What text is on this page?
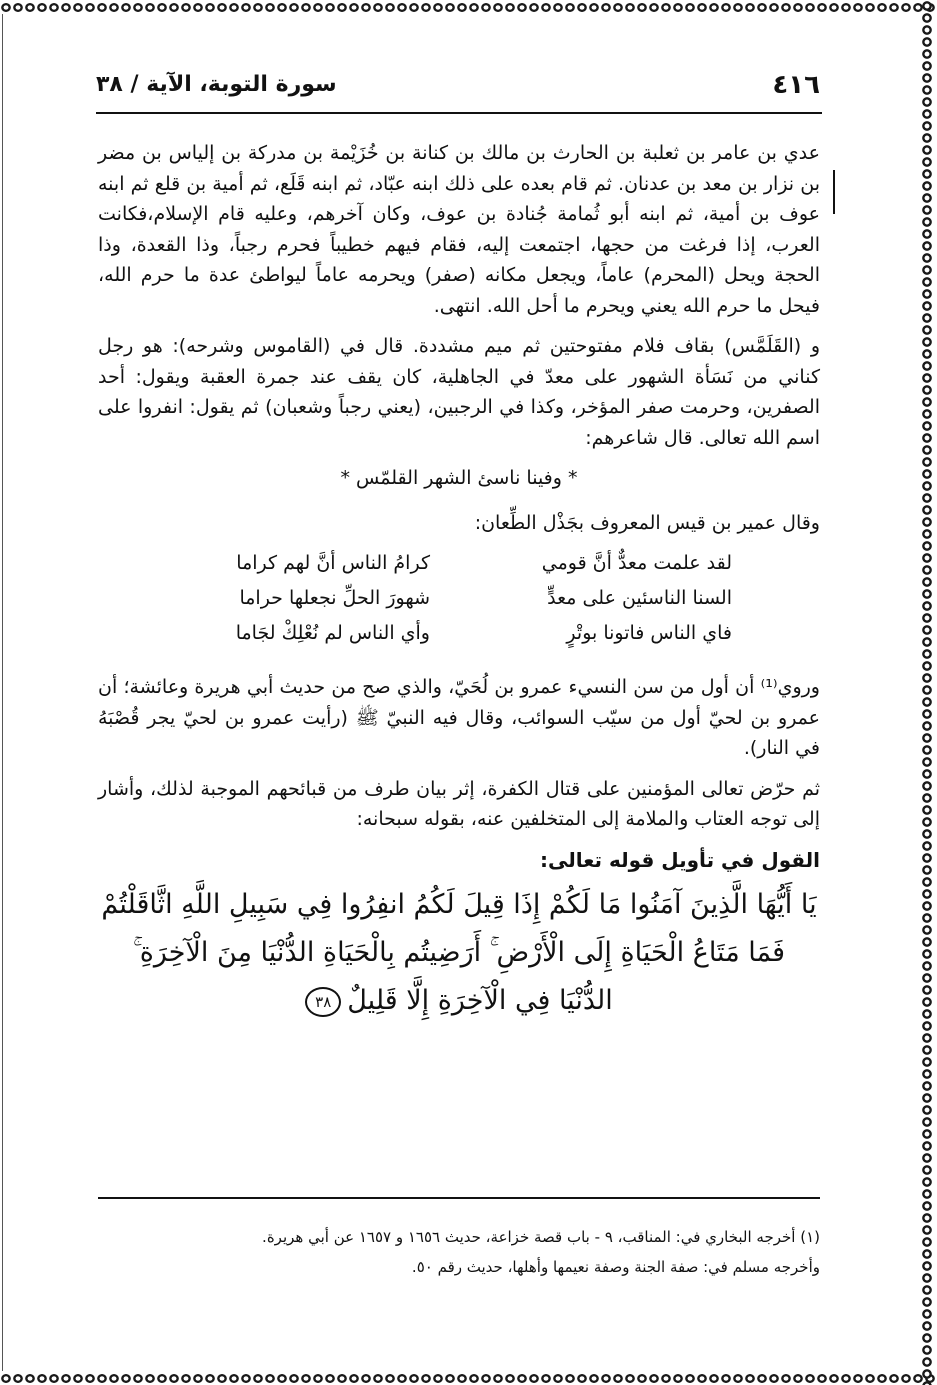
٤١٦
سورة التوبة، الآية / ٣٨

عدي بن عامر بن ثعلبة بن الحارث بن مالك بن كنانة بن خُزَيْمة بن مدركة بن إلياس بن مضر بن نزار بن معد بن عدنان. ثم قام بعده على ذلك ابنه عبّاد، ثم ابنه قَلَع، ثم أمية بن قلع ثم ابنه عوف بن أمية، ثم ابنه أبو ثُمامة جُنادة بن عوف، وكان آخرهم، وعليه قام الإسلام،فكانت العرب، إذا فرغت من حجها، اجتمعت إليه، فقام فيهم خطيباً فحرم رجباً، وذا القعدة، وذا الحجة ويحل (المحرم) عاماً، ويجعل مكانه (صفر) ويحرمه عاماً ليواطئ عدة ما حرم الله، فيحل ما حرم الله يعني ويحرم ما أحل الله. انتهى.

و (القَلَمَّس) بقاف فلام مفتوحتين ثم ميم مشددة. قال في (القاموس وشرحه): هو رجل كناني من نَسَأة الشهور على معدّ في الجاهلية، كان يقف عند جمرة العقبة ويقول: أحد الصفرين، وحرمت صفر المؤخر، وكذا في الرجبين، (يعني رجباً وشعبان) ثم يقول: انفروا على اسم الله تعالى. قال شاعرهم:

* وفينا ناسئ الشهر القلمّس *
وقال عمير بن قيس المعروف بجَذْل الطِّعان:
لقد علمت معدٌّ أنَّ قومي
كرامُ الناس أنَّ لهم كراما
السنا الناسئين على معدٍّ
شهورَ الحلِّ نجعلها حراما
فاي الناس فاتونا بوتْرٍ
وأي الناس لم نُعْلِكْ لجَاما

وروي⁽¹⁾ أن أول من سن النسيء عمرو بن لُحَيّ، والذي صح من حديث أبي هريرة وعائشة؛ أن عمرو بن لحيّ أول من سيّب السوائب، وقال فيه النبيّ ﷺ (رأيت عمرو بن لحيّ يجر قُصْبَهُ في النار).

ثم حرّض تعالى المؤمنين على قتال الكفرة، إثر بيان طرف من قبائحهم الموجبة لذلك، وأشار إلى توجه العتاب والملامة إلى المتخلفين عنه، بقوله سبحانه:

القول في تأويل قوله تعالى:
يَا أَيُّهَا الَّذِينَ آمَنُوا مَا لَكُمْ إِذَا قِيلَ لَكُمُ انفِرُوا فِي سَبِيلِ اللَّهِ اثَّاقَلْتُمْ
فَمَا مَتَاعُ الْحَيَاةِ إِلَى الْأَرْضِ ۚ أَرَضِيتُم بِالْحَيَاةِ الدُّنْيَا مِنَ الْآخِرَةِ ۚ
الدُّنْيَا فِي الْآخِرَةِ إِلَّا قَلِيلٌ٣٨
(١) أخرجه البخاري في: المناقب، ٩ - باب قصة خزاعة، حديث ١٦٥٦ و ١٦٥٧ عن أبي هريرة.
وأخرجه مسلم في: صفة الجنة وصفة نعيمها وأهلها، حديث رقم ٥٠.
